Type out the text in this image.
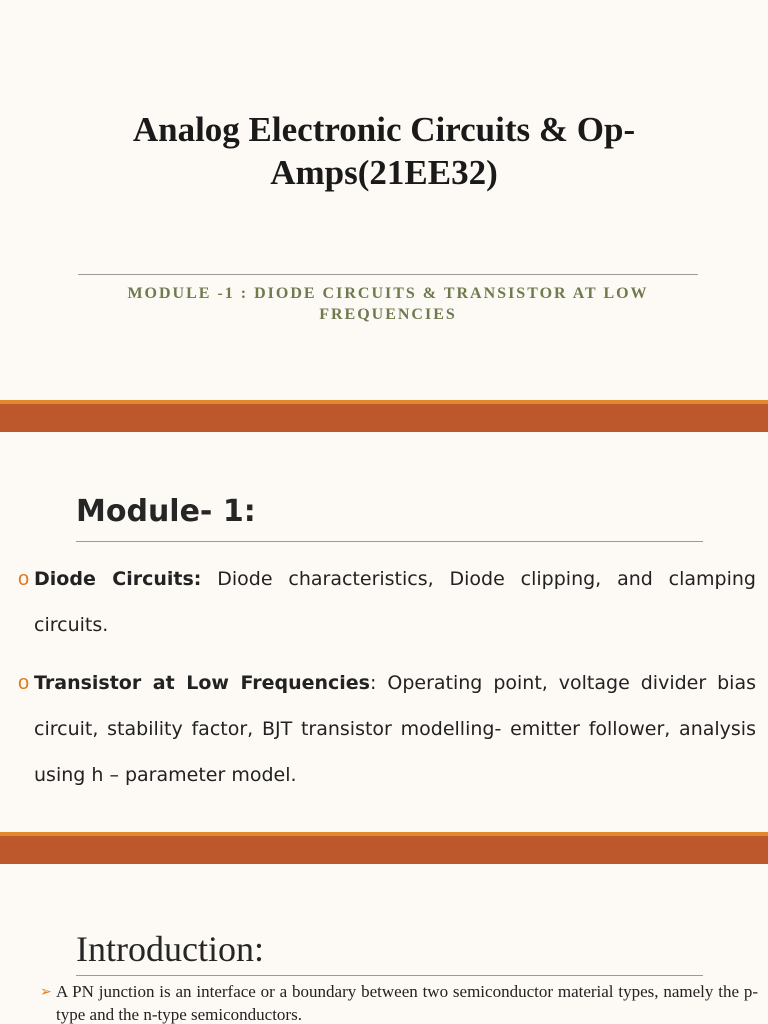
Analog Electronic Circuits & Op-Amps(21EE32)
MODULE -1 : DIODE CIRCUITS & TRANSISTOR AT LOW FREQUENCIES
Module- 1:
o Diode Circuits: Diode characteristics, Diode clipping, and clamping circuits.
o Transistor at Low Frequencies: Operating point, voltage divider bias circuit, stability factor, BJT transistor modelling- emitter follower, analysis using h – parameter model.
Introduction:
➢ A PN junction is an interface or a boundary between two semiconductor material types, namely the p-type and the n-type semiconductors.
